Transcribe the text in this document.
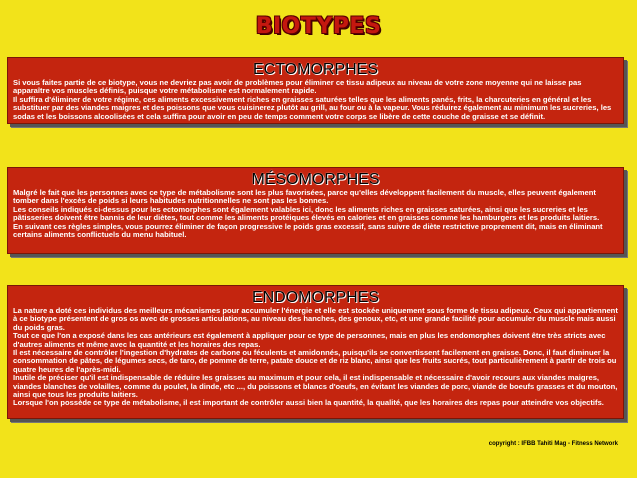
BIOTYPES
ECTOMORPHES

Si vous faites partie de ce biotype, vous ne devriez pas avoir de problèmes pour éliminer ce tissu adipeux au niveau de votre zone moyenne qui ne laisse pas apparaître vos muscles définis, puisque votre métabolisme est normalement rapide.

Il suffira d'éliminer de votre régime, ces aliments excessivement riches en graisses saturées telles que les aliments panés, frits, la charcuteries en général et les substituer par des viandes maigres et des poissons que vous cuisinerez plutôt au grill, au four ou à la vapeur. Vous réduirez également au minimum les sucreries, les sodas et les boissons alcoolisées et cela suffira pour avoir en peu de temps comment votre corps se libère de cette couche de graisse et se définit.

MÉSOMORPHES

Malgré le fait que les personnes avec ce type de métabolisme sont les plus favorisées, parce qu'elles développent facilement du muscle, elles peuvent également tomber dans l'excès de poids si leurs habitudes nutritionnelles ne sont pas les bonnes.

Les conseils indiqués ci-dessus pour les ectomorphes sont également valables ici, donc les aliments riches en graisses saturées, ainsi que les sucreries et les pâtisseries doivent être bannis de leur diètes, tout comme les aliments protéiques élevés en calories et en graisses comme les hamburgers et les produits laitiers.

En suivant ces règles simples, vous pourrez éliminer de façon progressive le poids gras excessif, sans suivre de diète restrictive proprement dit, mais en éliminant certains aliments conflictuels du menu habituel.

ENDOMORPHES

La nature a doté ces individus des meilleurs mécanismes pour accumuler l'énergie et elle est stockée uniquement sous forme de tissu adipeux. Ceux qui appartiennent à ce biotype présentent de gros os avec de grosses articulations, au niveau des hanches, des genoux, etc, et une grande facilité pour accumuler du muscle mais aussi du poids gras.

Tout ce que l'on a exposé dans les cas antérieurs est également à appliquer pour ce type de personnes, mais en plus les endomorphes doivent être très stricts avec d'autres aliments et même avec la quantité et les horaires des repas.

Il est nécessaire de contrôler l'ingestion d'hydrates de carbone ou féculents et amidonnés, puisqu'ils se convertissent facilement en graisse. Donc, il faut diminuer la consommation de pâtes, de légumes secs, de taro, de pomme de terre, patate douce et de riz blanc, ainsi que les fruits sucrés, tout particulièrement à partir de trois ou quatre heures de l'après-midi.

Inutile de préciser qu'il est indispensable de réduire les graisses au maximum et pour cela, il est indispensable et nécessaire d'avoir recours aux viandes maigres, viandes blanches de volailles, comme du poulet, la dinde, etc ..., du poissons et blancs d'oeufs, en évitant les viandes de porc, viande de boeufs grasses et du mouton, ainsi que tous les produits laitiers.

Lorsque l'on possède ce type de métabolisme, il est important de contrôler aussi bien la quantité, la qualité, que les horaires des repas pour atteindre vos objectifs.

copyright : IFBB Tahiti Mag - Fitness Network
